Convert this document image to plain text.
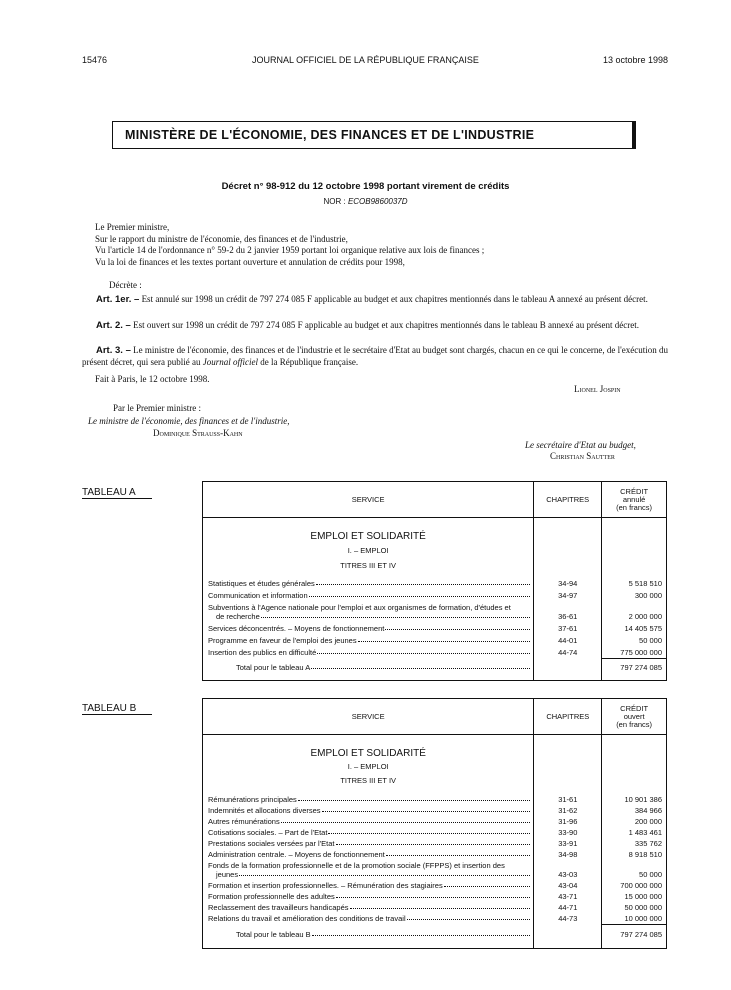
15476	JOURNAL OFFICIEL DE LA RÉPUBLIQUE FRANÇAISE	13 octobre 1998
MINISTÈRE DE L'ÉCONOMIE, DES FINANCES ET DE L'INDUSTRIE
Décret n° 98-912 du 12 octobre 1998 portant virement de crédits
NOR : ECOB9860037D
Le Premier ministre,
Sur le rapport du ministre de l'économie, des finances et de l'industrie,
Vu l'article 14 de l'ordonnance n° 59-2 du 2 janvier 1959 portant loi organique relative aux lois de finances ;
Vu la loi de finances et les textes portant ouverture et annulation de crédits pour 1998,
Décrète :
Art. 1er. – Est annulé sur 1998 un crédit de 797 274 085 F applicable au budget et aux chapitres mentionnés dans le tableau A annexé au présent décret.
Art. 2. – Est ouvert sur 1998 un crédit de 797 274 085 F applicable au budget et aux chapitres mentionnés dans le tableau B annexé au présent décret.
Art. 3. – Le ministre de l'économie, des finances et de l'industrie et le secrétaire d'Etat au budget sont chargés, chacun en ce qui le concerne, de l'exécution du présent décret, qui sera publié au Journal officiel de la République française.
Fait à Paris, le 12 octobre 1998.
Lionel Jospin
Par le Premier ministre :
Le ministre de l'économie, des finances et de l'industrie,
Dominique Strauss-Kahn
Le secrétaire d'Etat au budget,
Christian Sautter
TABLEAU A
SERVICE	CHAPITRES	CRÉDIT
annulé
(en francs)

EMPLOI ET SOLIDARITÉ		
I. – EMPLOI		
TITRES III ET IV		

Statistiques et études générales	34-94	5 518 510

Communication et information	34-97	300 000

Subventions à l'Agence nationale pour l'emploi et aux organismes de formation, d'études et
de recherche	36-61	2 000 000

Services déconcentrés. – Moyens de fonctionnement	37-61	14 405 575

Programme en faveur de l'emploi des jeunes	44-01	50 000

Insertion des publics en difficulté	44-74	775 000 000

Total pour le tableau A		797 274 085

TABLEAU B
SERVICE	CHAPITRES	CRÉDIT
ouvert
(en francs)

EMPLOI ET SOLIDARITÉ		
I. – EMPLOI		
TITRES III ET IV		

Rémunérations principales	31-61	10 901 386

Indemnités et allocations diverses	31-62	384 966

Autres rémunérations	31-96	200 000

Cotisations sociales. – Part de l'Etat	33-90	1 483 461

Prestations sociales versées par l'Etat	33-91	335 762

Administration centrale. – Moyens de fonctionnement	34-98	8 918 510

Fonds de la formation professionnelle et de la promotion sociale (FFPPS) et insertion des
jeunes	43-03	50 000

Formation et insertion professionnelles. – Rémunération des stagiaires	43-04	700 000 000

Formation professionnelle des adultes	43-71	15 000 000

Reclassement des travailleurs handicapés	44-71	50 000 000

Relations du travail et amélioration des conditions de travail	44-73	10 000 000

Total pour le tableau B		797 274 085
